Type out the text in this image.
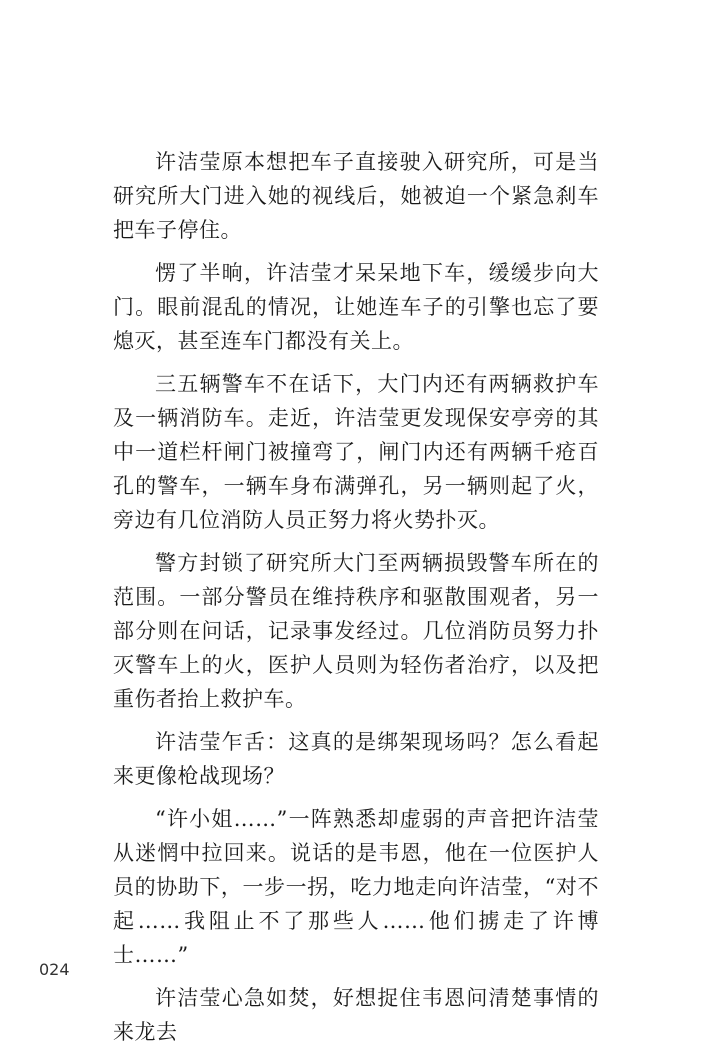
许洁莹原本想把车子直接驶入研究所，可是当研究所大门进入她的视线后，她被迫一个紧急刹车把车子停住。

愣了半晌，许洁莹才呆呆地下车，缓缓步向大门。眼前混乱的情况，让她连车子的引擎也忘了要熄灭，甚至连车门都没有关上。

三五辆警车不在话下，大门内还有两辆救护车及一辆消防车。走近，许洁莹更发现保安亭旁的其中一道栏杆闸门被撞弯了，闸门内还有两辆千疮百孔的警车，一辆车身布满弹孔，另一辆则起了火，旁边有几位消防人员正努力将火势扑灭。

警方封锁了研究所大门至两辆损毁警车所在的范围。一部分警员在维持秩序和驱散围观者，另一部分则在问话，记录事发经过。几位消防员努力扑灭警车上的火，医护人员则为轻伤者治疗，以及把重伤者抬上救护车。

许洁莹乍舌：这真的是绑架现场吗？怎么看起来更像枪战现场？

“许小姐……”一阵熟悉却虚弱的声音把许洁莹从迷惘中拉回来。说话的是韦恩，他在一位医护人员的协助下，一步一拐，吃力地走向许洁莹，“对不起……我阻止不了那些人……他们掳走了许博士……”

许洁莹心急如焚，好想捉住韦恩问清楚事情的来龙去

024
